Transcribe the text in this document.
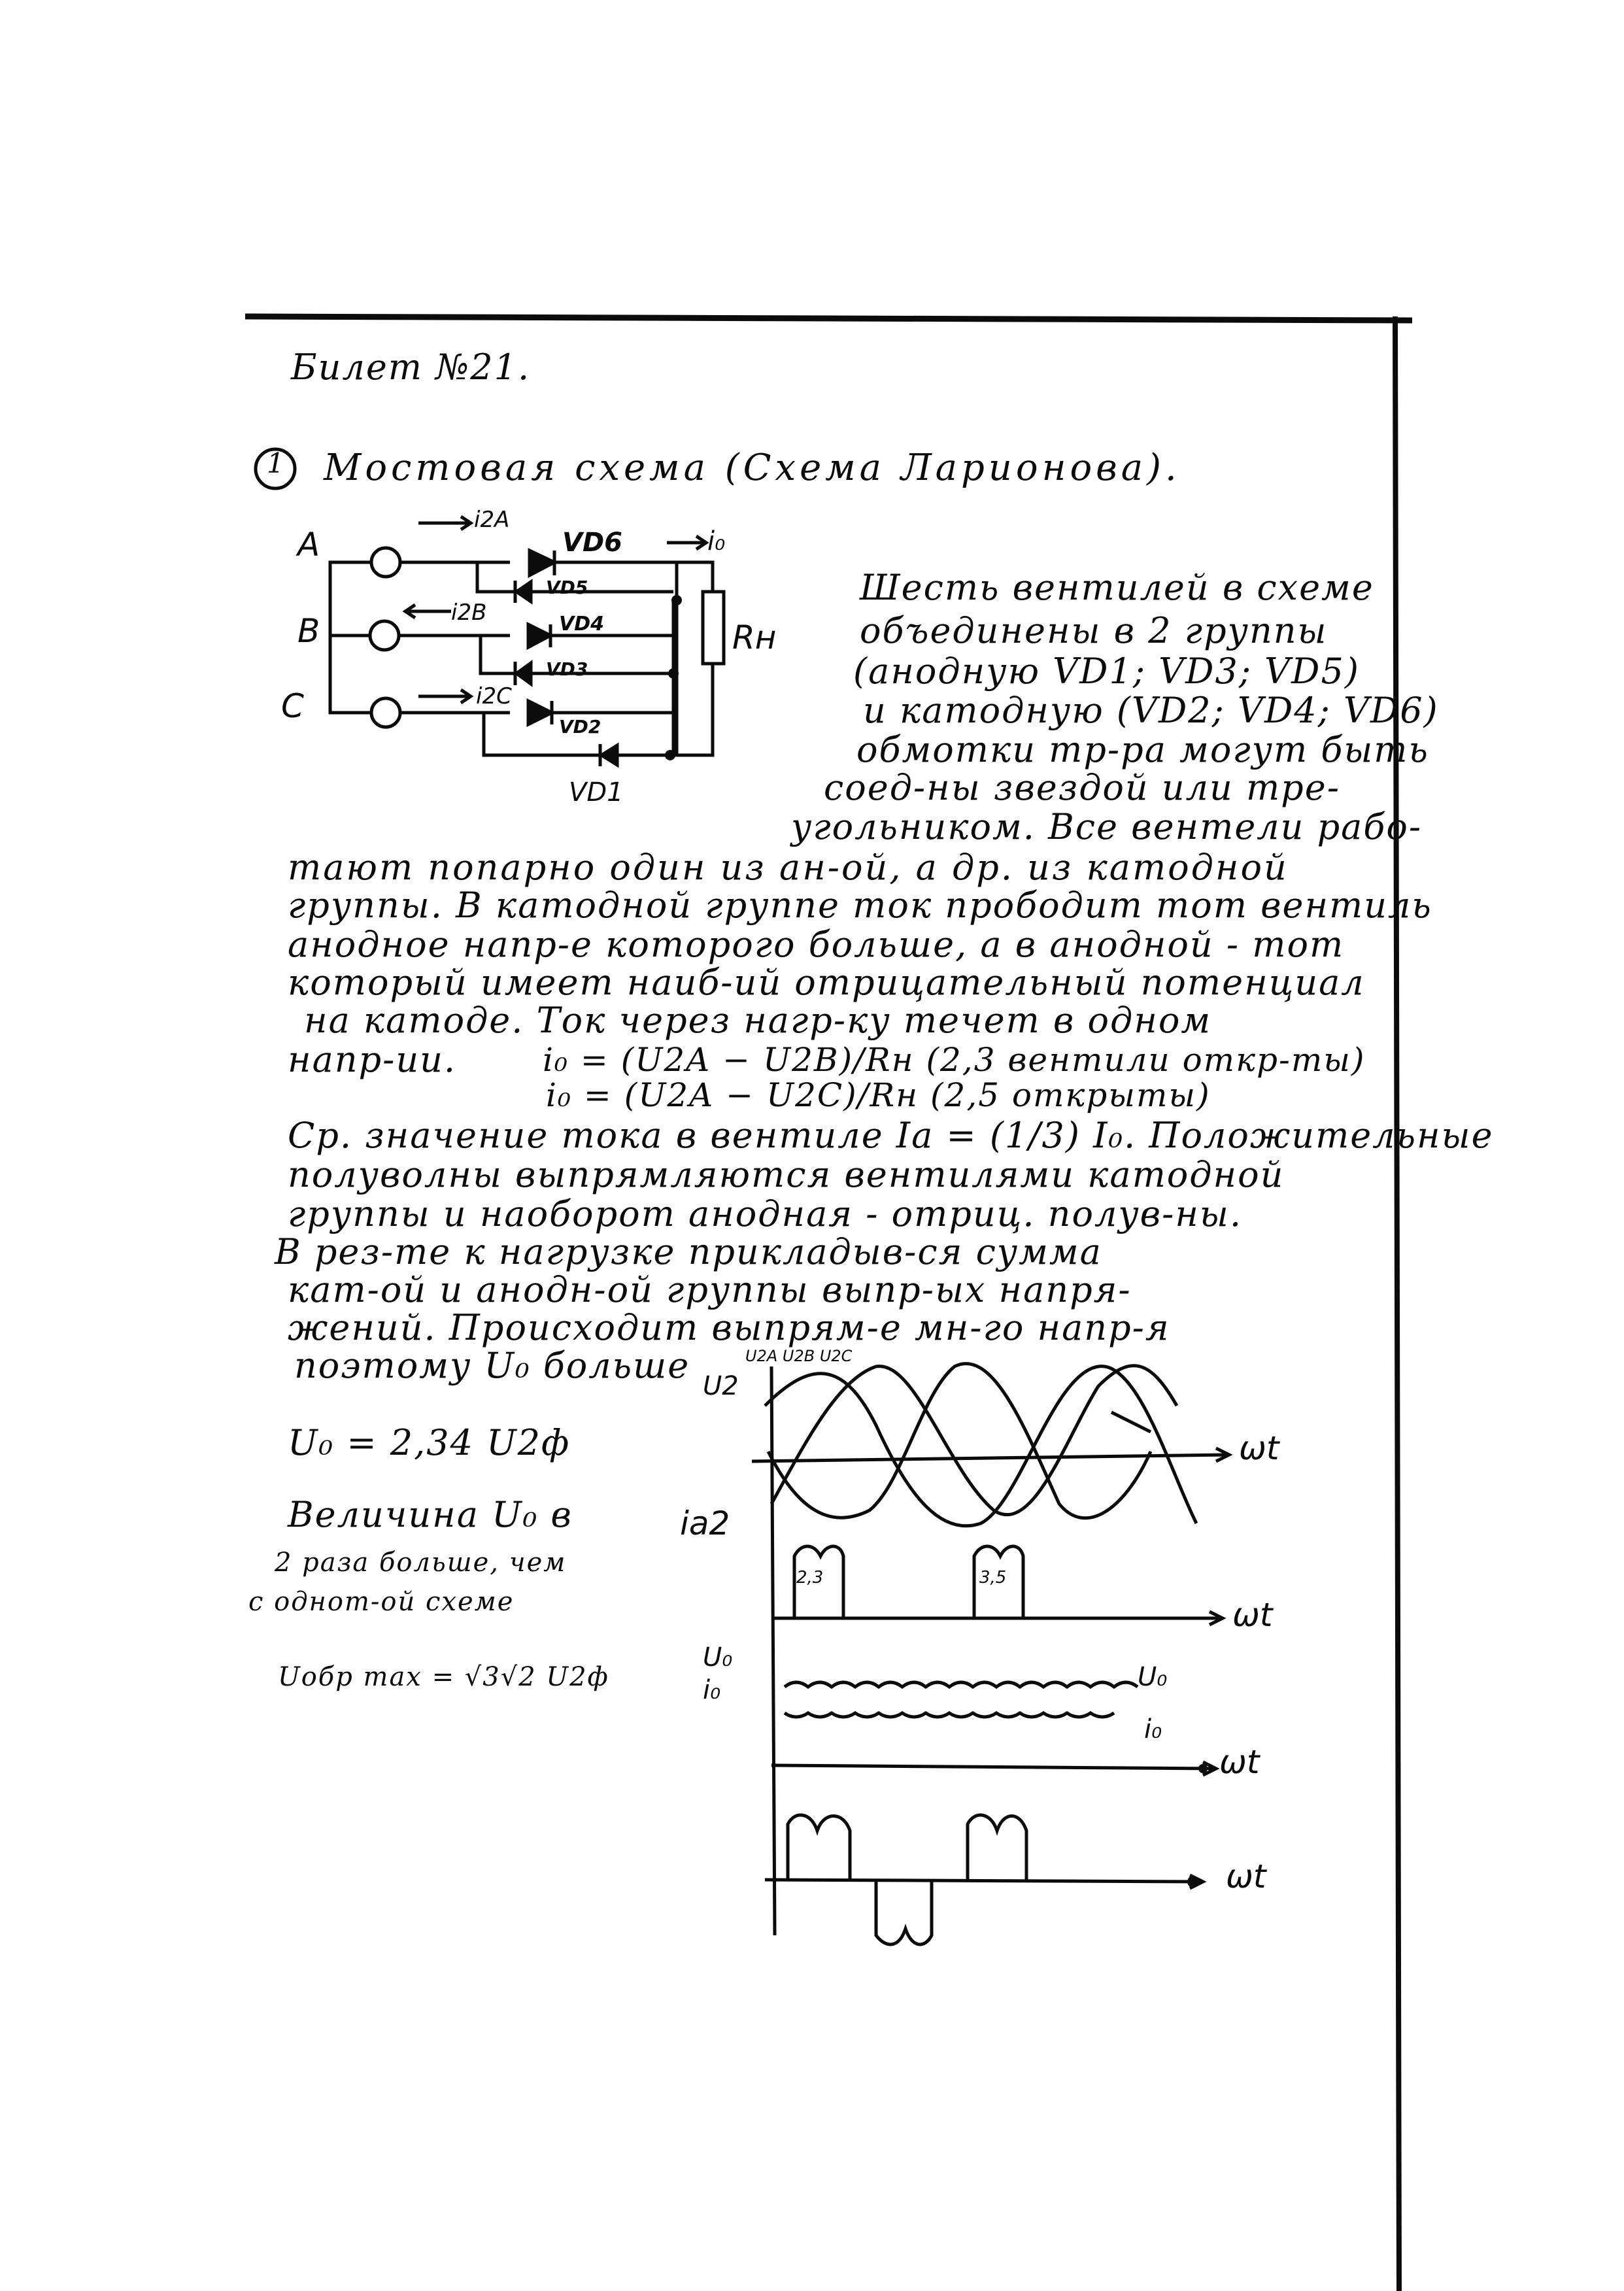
Билет №21.
1 Мостовая схема (Схема Ларионова).
A
B
C
i2A
i2B
i2C
i₀
Rн
VD6
VD5
VD4
VD3
VD2
VD1
Шесть вентилей в схеме
объединены в 2 группы
(анодную VD1; VD3; VD5)
и катодную (VD2; VD4; VD6)
обмотки тр-ра могут быть
соед-ны звездой или тре-
угольником. Все вентели рабо-
тают попарно один из ан-ой, а др. из катодной
группы. В катодной группе ток прободит тот вентиль
анодное напр-е которого больше, а в анодной - тот
который имеет наиб-ий отрицательный потенциал
на катоде. Ток через нагр-ку течет в одном
напр-ии.	i₀ = (U2A − U2B)/Rн (2,3 вентили откр-ты)
i₀ = (U2A − U2C)/Rн (2,5 открыты)
Ср. значение тока в вентиле Iа = (1/3) I₀. Положительные
полуволны выпрямляются вентилями катодной
группы и наоборот анодная - отриц. полув-ны.
В рез-те к нагрузке прикладыв-ся сумма
кат-ой и анодн-ой группы выпр-ых напря-
жений. Происходит выпрям-е мн-го напр-я
поэтому U₀ больше
U₀ = 2,34 U2ф
Величина U₀ в
2 раза больше, чем
с однот-ой схеме
Uобр max = √3√2 U2ф
U2
U2A U2B U2C
ωt
ia2
2,3	3,5
ωt
U₀
i₀	U₀
i₀
ωt
ωt
